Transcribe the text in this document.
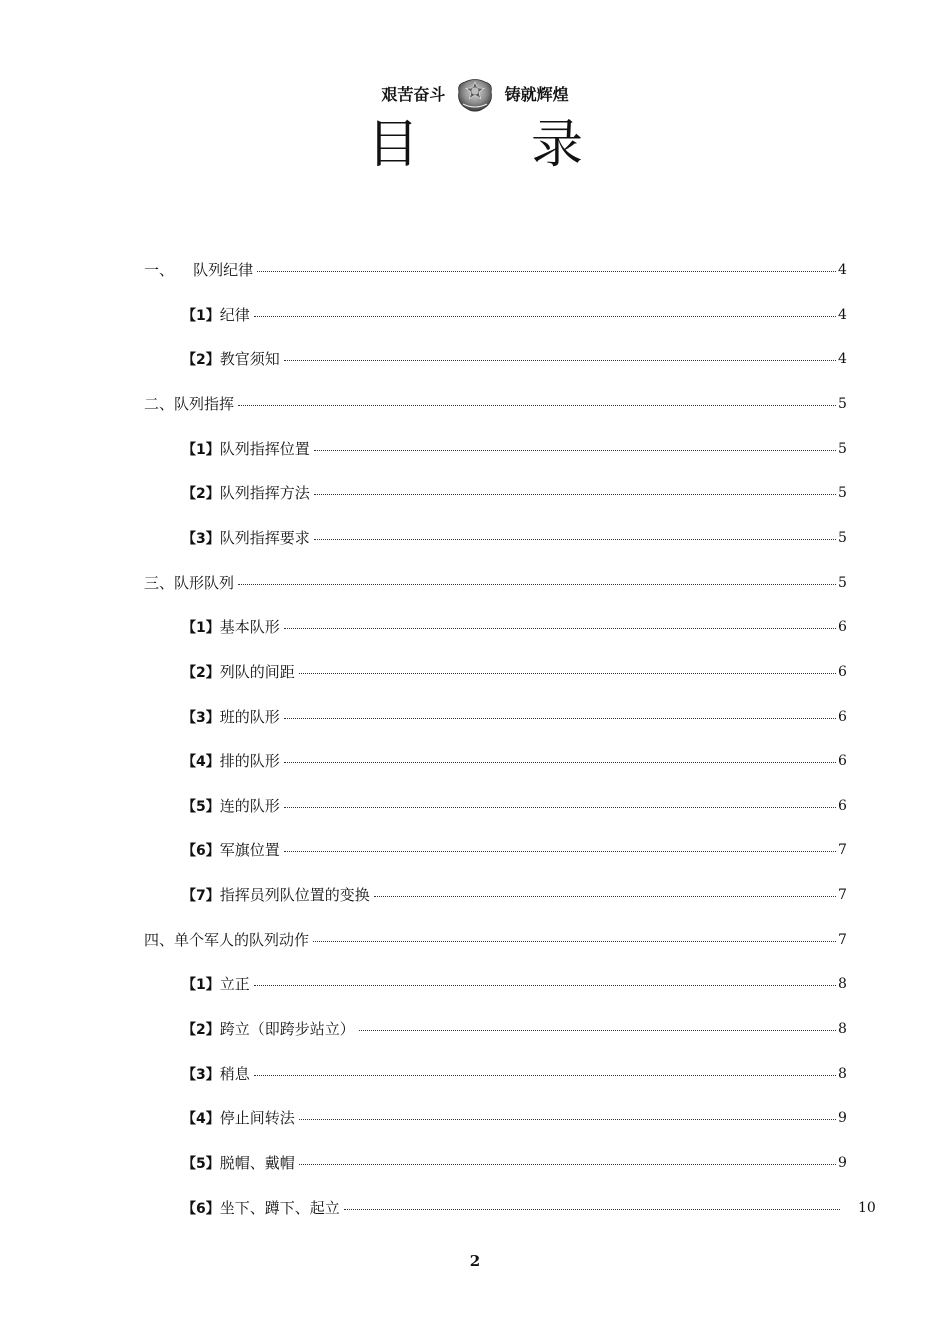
艰苦奋斗	铸就辉煌
目 录
一、    队列纪律	4
【1】纪律	4
【2】教官须知	4
二、队列指挥	5
【1】队列指挥位置	5
【2】队列指挥方法	5
【3】队列指挥要求	5
三、队形队列	5
【1】基本队形	6
【2】列队的间距	6
【3】班的队形	6
【4】排的队形	6
【5】连的队形	6
【6】军旗位置	7
【7】指挥员列队位置的变换	7
四、单个军人的队列动作	7
【1】立正	8
【2】跨立（即跨步站立）	8
【3】稍息	8
【4】停止间转法	9
【5】脱帽、戴帽	9
【6】坐下、蹲下、起立	10
2
